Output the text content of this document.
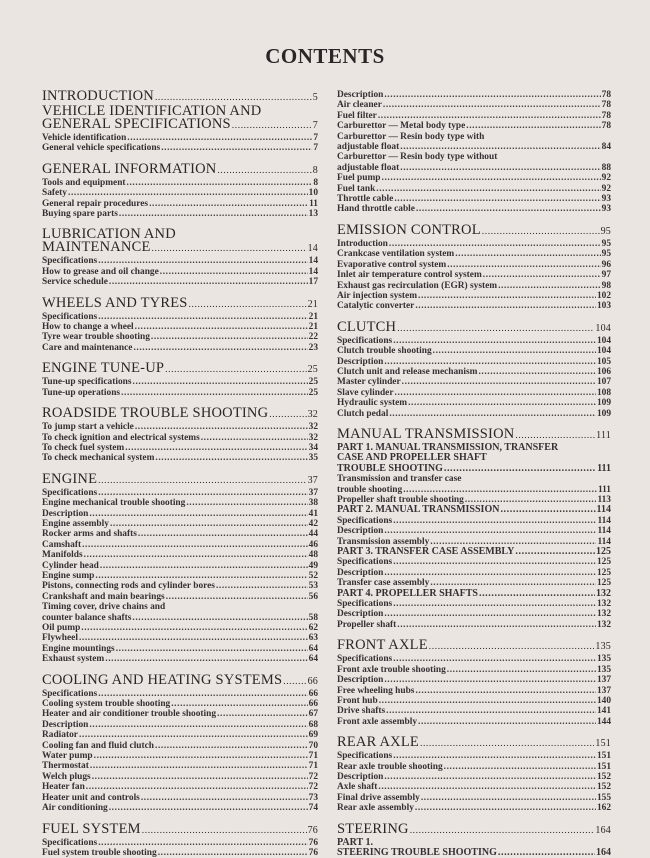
CONTENTS
INTRODUCTION .....	5
VEHICLE IDENTIFICATION AND
GENERAL SPECIFICATIONS .....	7
Vehicle identification .....	7
General vehicle specifications .....	7
GENERAL INFORMATION .....	8
Tools and equipment .....	8
Safety .....	10
General repair procedures .....	11
Buying spare parts .....	13
LUBRICATION AND
MAINTENANCE .....	14
Specifications .....	14
How to grease and oil change .....	14
Service schedule .....	17
WHEELS AND TYRES .....	21
Specifications .....	21
How to change a wheel .....	21
Tyre wear trouble shooting .....	22
Care and maintenance .....	23
ENGINE TUNE-UP .....	25
Tune-up specifications .....	25
Tune-up operations .....	25
ROADSIDE TROUBLE SHOOTING .....	32
To jump start a vehicle .....	32
To check ignition and electrical systems .....	32
To check fuel system .....	34
To check mechanical system .....	35
ENGINE .....	37
Specifications .....	37
Engine mechanical trouble shooting .....	38
Description .....	41
Engine assembly .....	42
Rocker arms and shafts .....	44
Camshaft .....	46
Manifolds .....	48
Cylinder head .....	49
Engine sump .....	52
Pistons, connecting rods and cylinder bores .....	53
Crankshaft and main bearings .....	56
Timing cover, drive chains and
counter balance shafts .....	58
Oil pump .....	62
Flywheel .....	63
Engine mountings .....	64
Exhaust system .....	64
COOLING AND HEATING SYSTEMS .....	66
Specifications .....	66
Cooling system trouble shooting .....	66
Heater and air conditioner trouble shooting .....	67
Description .....	68
Radiator .....	69
Cooling fan and fluid clutch .....	70
Water pump .....	71
Thermostat .....	71
Welch plugs .....	72
Heater fan .....	72
Heater unit and controls .....	73
Air conditioning .....	74
FUEL SYSTEM .....	76
Specifications .....	76
Fuel system trouble shooting .....	76
Description .....	78
Air cleaner .....	78
Fuel filter .....	78
Carburettor — Metal body type .....	78
Carburettor — Resin body type with
adjustable float .....	84
Carburettor — Resin body type without
adjustable float .....	88
Fuel pump .....	92
Fuel tank .....	92
Throttle cable .....	93
Hand throttle cable .....	93
EMISSION CONTROL .....	95
Introduction .....	95
Crankcase ventilation system .....	95
Evaporative control system .....	96
Inlet air temperature control system .....	97
Exhaust gas recirculation (EGR) system .....	98
Air injection system .....	102
Catalytic converter .....	103
CLUTCH .....	104
Specifications .....	104
Clutch trouble shooting .....	104
Description .....	105
Clutch unit and release mechanism .....	106
Master cylinder .....	107
Slave cylinder .....	108
Hydraulic system .....	109
Clutch pedal .....	109
MANUAL TRANSMISSION .....	111
PART 1. MANUAL TRANSMISSION, TRANSFER
CASE AND PROPELLER SHAFT
TROUBLE SHOOTING .....	111
Transmission and transfer case
trouble shooting .....	111
Propeller shaft trouble shooting .....	113
PART 2. MANUAL TRANSMISSION .....	114
Specifications .....	114
Description .....	114
Transmission assembly .....	114
PART 3. TRANSFER CASE ASSEMBLY .....	125
Specifications .....	125
Description .....	125
Transfer case assembly .....	125
PART 4. PROPELLER SHAFTS .....	132
Specifications .....	132
Description .....	132
Propeller shaft .....	132
FRONT AXLE .....	135
Specifications .....	135
Front axle trouble shooting .....	135
Description .....	137
Free wheeling hubs .....	137
Front hub .....	140
Drive shafts .....	141
Front axle assembly .....	144
REAR AXLE .....	151
Specifications .....	151
Rear axle trouble shooting .....	151
Description .....	152
Axle shaft .....	152
Final drive assembly .....	155
Rear axle assembly .....	162
STEERING .....	164
PART 1.
STEERING TROUBLE SHOOTING .....	164
